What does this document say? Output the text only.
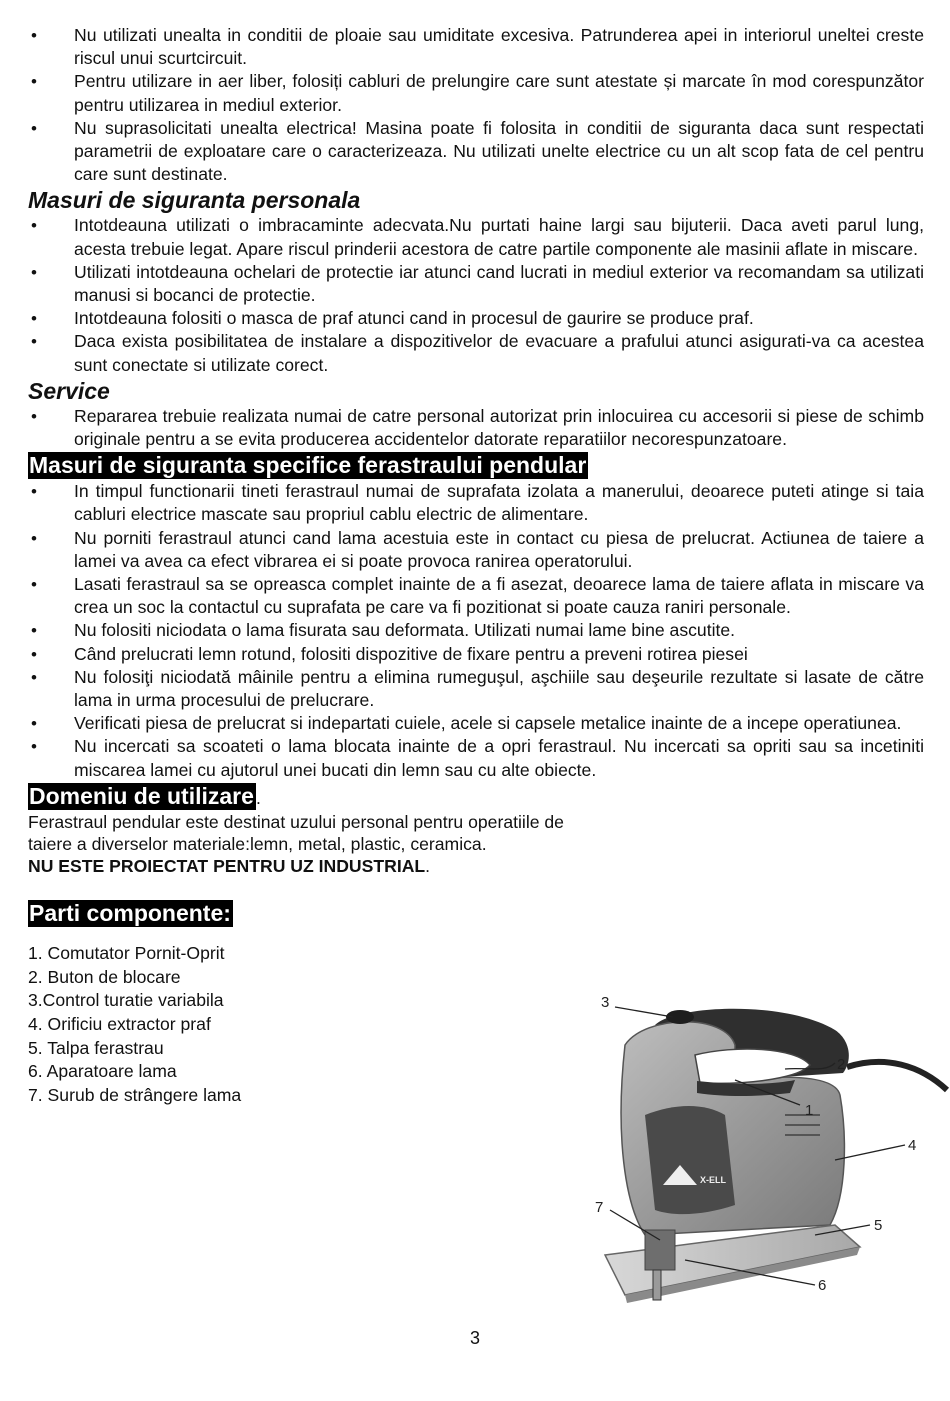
• Nu utilizati unealta in conditii de ploaie sau umiditate excesiva. Patrunderea apei in interiorul uneltei creste riscul unui scurtcircuit.
• Pentru utilizare in aer liber, folosiți cabluri de prelungire care sunt atestate și marcate în mod corespunzător pentru utilizarea in mediul exterior.
• Nu suprasolicitati unealta electrica! Masina poate fi folosita in conditii de siguranta daca sunt respectati parametrii de exploatare care o caracterizeaza. Nu utilizati unelte electrice cu un alt scop fata de cel pentru care sunt destinate.
Masuri de siguranta personala
• Intotdeauna utilizati o imbracaminte adecvata.Nu purtati haine largi sau bijuterii. Daca aveti parul lung, acesta trebuie legat. Apare riscul prinderii acestora de catre partile componente ale masinii aflate in miscare.
• Utilizati intotdeauna ochelari de protectie iar atunci cand lucrati in mediul exterior va recomandam sa utilizati manusi si bocanci de protectie.
• Intotdeauna folositi o masca de praf atunci cand in procesul de gaurire se produce praf.
• Daca exista posibilitatea de instalare a dispozitivelor de evacuare a prafului atunci asigurati-va ca acestea sunt conectate si utilizate corect.
Service
• Repararea trebuie realizata numai de catre personal autorizat prin inlocuirea cu accesorii si piese de schimb originale pentru a se evita producerea accidentelor datorate reparatiilor necorespunzatoare.
Masuri de siguranta specifice ferastraului pendular
• In timpul functionarii tineti ferastraul numai de suprafata izolata a manerului, deoarece puteti atinge si taia cabluri electrice mascate sau propriul cablu electric de alimentare.
• Nu porniti ferastraul atunci cand lama acestuia este in contact cu piesa de prelucrat. Actiunea de taiere a lamei va avea ca efect vibrarea ei si poate provoca ranirea operatorului.
• Lasati ferastraul sa se opreasca complet inainte de a fi asezat, deoarece lama de taiere aflata in miscare va crea un soc la contactul cu suprafata pe care va fi pozitionat si poate cauza raniri personale.
• Nu folositi niciodata o lama fisurata sau deformata. Utilizati numai lame bine ascutite.
• Când prelucrati lemn rotund, folositi dispozitive de fixare pentru a preveni rotirea piesei
• Nu folosiţi niciodată mâinile pentru a elimina rumeguşul, aşchiile sau deşeurile rezultate si lasate de către lama in urma procesului de prelucrare.
• Verificati piesa de prelucrat si indepartati cuiele, acele si capsele metalice inainte de a incepe operatiunea.
• Nu incercati sa scoateti o lama blocata inainte de a opri ferastraul. Nu incercati sa opriti sau sa incetiniti miscarea lamei cu ajutorul unei bucati din lemn sau cu alte obiecte.
Domeniu de utilizare .

Ferastraul pendular este destinat uzului personal pentru operatiile de taiere a diverselor materiale:lemn, metal, plastic, ceramica.

NU ESTE PROIECTAT PENTRU UZ INDUSTRIAL.

Parti componente:
1. Comutator Pornit-Oprit
2. Buton de blocare
3.Control turatie variabila
4. Orificiu extractor praf
5. Talpa ferastrau
6. Aparatoare lama
7. Surub de strângere lama
X-ELL
3
2
1
4
5
6
7
3
